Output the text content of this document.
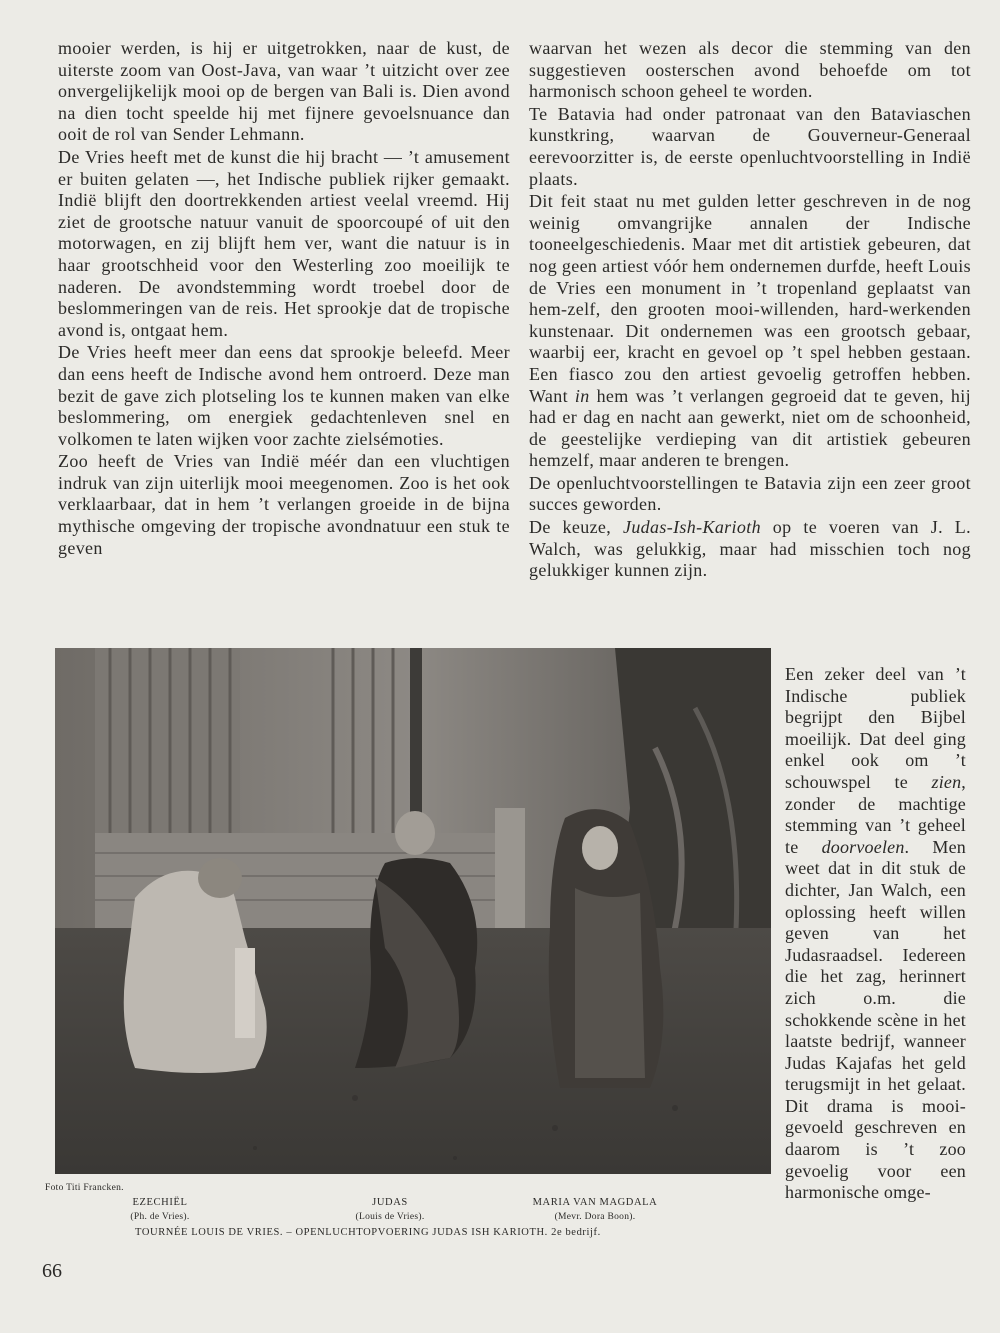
mooier werden, is hij er uitgetrokken, naar de kust, de uiterste zoom van Oost-Java, van waar ’t uitzicht over zee onvergelijkelijk mooi op de bergen van Bali is. Dien avond na dien tocht speelde hij met fijnere gevoelsnuance dan ooit de rol van Sender Lehmann.

De Vries heeft met de kunst die hij bracht — ’t amusement er buiten gelaten —, het Indische publiek rijker gemaakt. Indië blijft den doortrekkenden artiest veelal vreemd. Hij ziet de grootsche natuur vanuit de spoorcoupé of uit den motorwagen, en zij blijft hem ver, want die natuur is in haar grootschheid voor den Westerling zoo moeilijk te naderen. De avondstemming wordt troebel door de beslommeringen van de reis. Het sprookje dat de tropische avond is, ontgaat hem.

De Vries heeft meer dan eens dat sprookje beleefd. Meer dan eens heeft de Indische avond hem ontroerd. Deze man bezit de gave zich plotseling los te kunnen maken van elke beslommering, om energiek gedachtenleven snel en volkomen te laten wijken voor zachte zielsémoties.

Zoo heeft de Vries van Indië méér dan een vluchtigen indruk van zijn uiterlijk mooi meegenomen. Zoo is het ook verklaarbaar, dat in hem ’t verlangen groeide in de bijna mythische omgeving der tropische avondnatuur een stuk te geven

waarvan het wezen als decor die stemming van den suggestieven oosterschen avond behoefde om tot harmonisch schoon geheel te worden.

Te Batavia had onder patronaat van den Bataviaschen kunstkring, waarvan de Gouverneur-Generaal eerevoorzitter is, de eerste openluchtvoorstelling in Indië plaats.

Dit feit staat nu met gulden letter geschreven in de nog weinig omvangrijke annalen der Indische tooneelgeschiedenis. Maar met dit artistiek gebeuren, dat nog geen artiest vóór hem ondernemen durfde, heeft Louis de Vries een monument in ’t tropenland geplaatst van hem-zelf, den grooten mooi-willenden, hard-werkenden kunstenaar. Dit ondernemen was een grootsch gebaar, waarbij eer, kracht en gevoel op ’t spel hebben gestaan. Een fiasco zou den artiest gevoelig getroffen hebben. Want in hem was ’t verlangen gegroeid dat te geven, hij had er dag en nacht aan gewerkt, niet om de schoonheid, de geestelijke verdieping van dit artistiek gebeuren hemzelf, maar anderen te brengen.

De openluchtvoorstellingen te Batavia zijn een zeer groot succes geworden.

De keuze, Judas-Ish-Karioth op te voeren van J. L. Walch, was gelukkig, maar had misschien toch nog gelukkiger kunnen zijn.

Foto Titi Francken.
EZECHIËL
(Ph. de Vries).
JUDAS
(Louis de Vries).
MARIA VAN MAGDALA
(Mevr. Dora Boon).
TOURNÉE LOUIS DE VRIES. – OPENLUCHTOPVOERING JUDAS ISH KARIOTH. 2e bedrijf.

Een zeker deel van ’t Indische publiek begrijpt den Bijbel moeilijk. Dat deel ging enkel ook om ’t schouwspel te zien, zonder de machtige stemming van ’t geheel te doorvoelen. Men weet dat in dit stuk de dichter, Jan Walch, een oplossing heeft willen geven van het Judasraadsel. Iedereen die het zag, herinnert zich o.m. die schokkende scène in het laatste bedrijf, wanneer Judas Kajafas het geld terugsmijt in het gelaat. Dit drama is mooi-gevoeld geschreven en daarom is ’t zoo gevoelig voor een harmonische omge-

66
